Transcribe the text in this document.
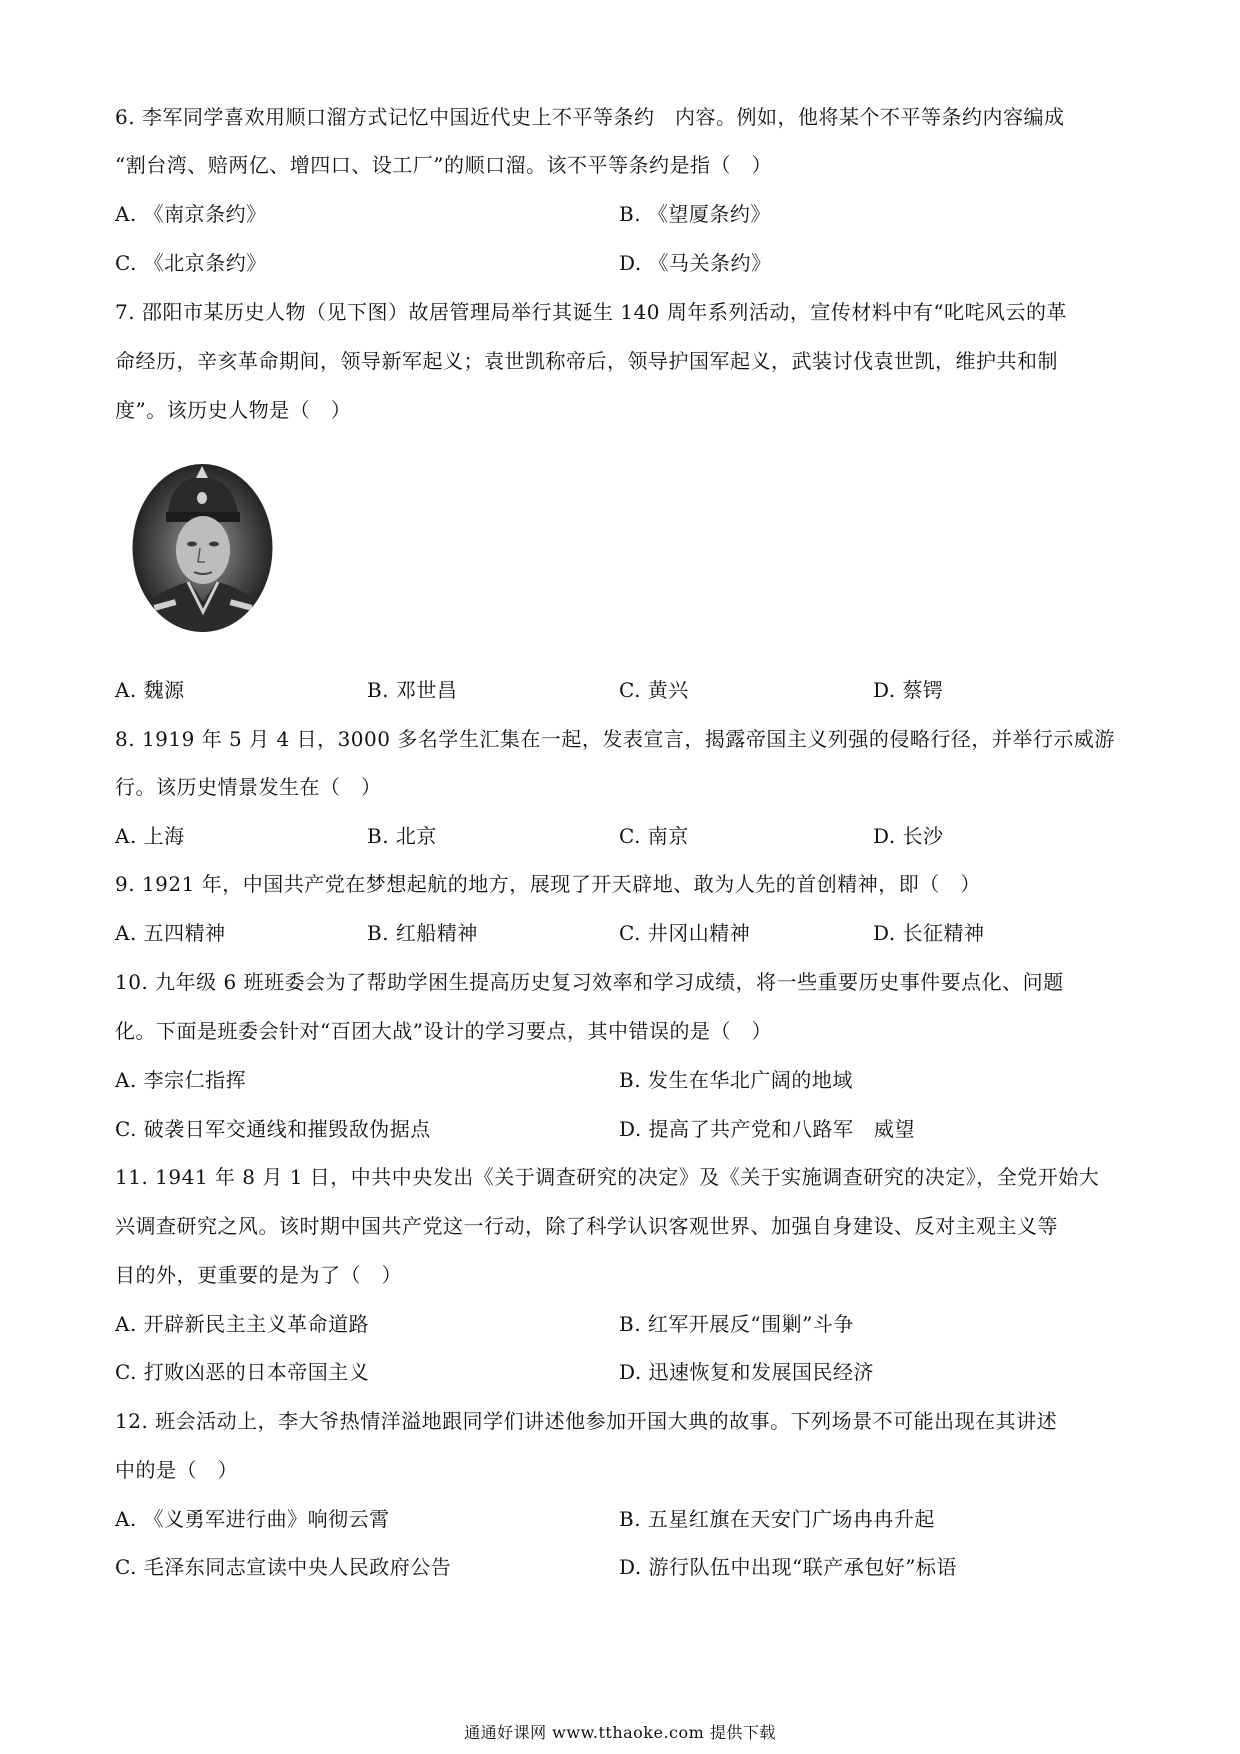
6. 李军同学喜欢用顺口溜方式记忆中国近代史上不平等条约　内容。例如，他将某个不平等条约内容编成
“割台湾、赔两亿、增四口、设工厂”的顺口溜。该不平等条约是指（　）
A. 《南京条约》	B. 《望厦条约》
C. 《北京条约》	D. 《马关条约》
7. 邵阳市某历史人物（见下图）故居管理局举行其诞生 140 周年系列活动，宣传材料中有“叱咤风云的革
命经历，辛亥革命期间，领导新军起义；袁世凯称帝后，领导护国军起义，武装讨伐袁世凯，维护共和制
度”。该历史人物是（　）
A. 魏源	B. 邓世昌	C. 黄兴	D. 蔡锷
8. 1919 年 5 月 4 日，3000 多名学生汇集在一起，发表宣言，揭露帝国主义列强的侵略行径，并举行示威游
行。该历史情景发生在（　）
A. 上海	B. 北京	C. 南京	D. 长沙
9. 1921 年，中国共产党在梦想起航的地方，展现了开天辟地、敢为人先的首创精神，即（　）
A. 五四精神	B. 红船精神	C. 井冈山精神	D. 长征精神
10. 九年级 6 班班委会为了帮助学困生提高历史复习效率和学习成绩，将一些重要历史事件要点化、问题
化。下面是班委会针对“百团大战”设计的学习要点，其中错误的是（　）
A. 李宗仁指挥	B. 发生在华北广阔的地域
C. 破袭日军交通线和摧毁敌伪据点	D. 提高了共产党和八路军　威望
11. 1941 年 8 月 1 日，中共中央发出《关于调查研究的决定》及《关于实施调查研究的决定》，全党开始大
兴调查研究之风。该时期中国共产党这一行动，除了科学认识客观世界、加强自身建设、反对主观主义等
目的外，更重要的是为了（　）
A. 开辟新民主主义革命道路	B. 红军开展反“围剿”斗争
C. 打败凶恶的日本帝国主义	D. 迅速恢复和发展国民经济
12. 班会活动上，李大爷热情洋溢地跟同学们讲述他参加开国大典的故事。下列场景不可能出现在其讲述
中的是（　）
A. 《义勇军进行曲》响彻云霄	B. 五星红旗在天安门广场冉冉升起
C. 毛泽东同志宣读中央人民政府公告	D. 游行队伍中出现“联产承包好”标语
通通好课网 www.tthaoke.com 提供下载
